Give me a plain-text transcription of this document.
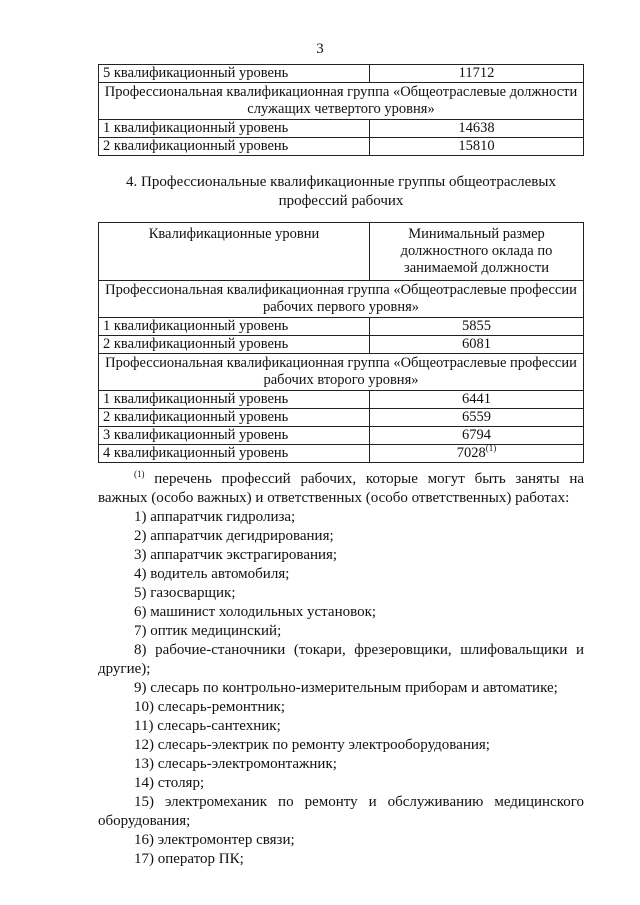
3
5 квалификационный уровень	11712
Профессиональная квалификационная группа «Общеотраслевые должности служащих четвертого уровня»	
1 квалификационный уровень	14638
2 квалификационный уровень	15810
4. Профессиональные квалификационные группы общеотраслевых профессий рабочих
Квалификационные уровни	Минимальный размер должностного оклада по занимаемой должности
Профессиональная квалификационная группа «Общеотраслевые профессии рабочих первого уровня»	
1 квалификационный уровень	5855
2 квалификационный уровень	6081
Профессиональная квалификационная группа «Общеотраслевые профессии рабочих второго уровня»	
1 квалификационный уровень	6441
2 квалификационный уровень	6559
3 квалификационный уровень	6794
4 квалификационный уровень	7028$^{(1)}$

$^{(1)}$ перечень профессий рабочих, которые могут быть заняты на важных (особо важных) и ответственных (особо ответственных) работах:

1) аппаратчик гидролиза;
2) аппаратчик дегидрирования;
3) аппаратчик экстрагирования;
4) водитель автомобиля;
5) газосварщик;
6) машинист холодильных установок;
7) оптик медицинский;
8) рабочие-станочники (токари, фрезеровщики, шлифовальщики и другие);
9) слесарь по контрольно-измерительным приборам и автоматике;
10) слесарь-ремонтник;
11) слесарь-сантехник;
12) слесарь-электрик по ремонту электрооборудования;
13) слесарь-электромонтажник;
14) столяр;
15) электромеханик по ремонту и обслуживанию медицинского оборудования;
16) электромонтер связи;
17) оператор ПК;
